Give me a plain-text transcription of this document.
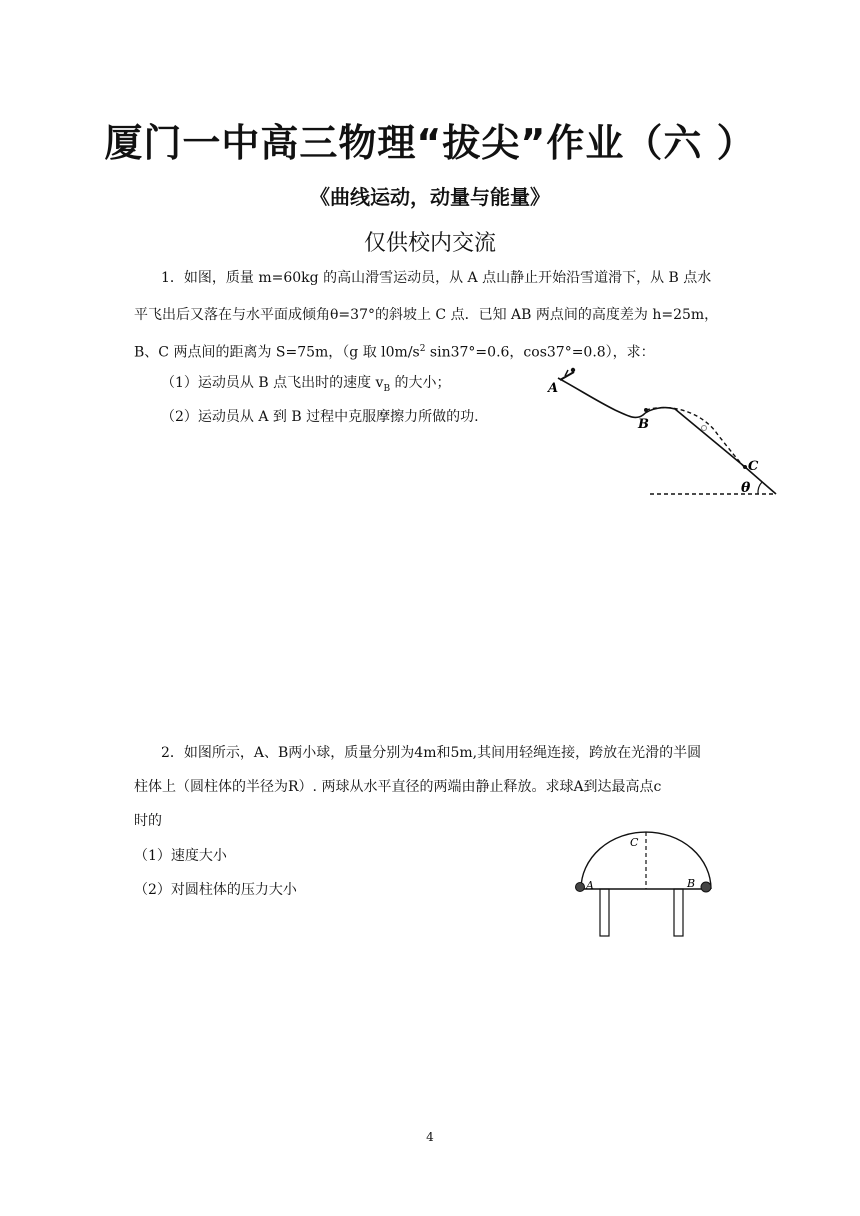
厦门一中高三物理“拔尖”作业（六 ）
《曲线运动，动量与能量》
仅供校内交流
1．如图，质量 m=60kg 的高山滑雪运动员，从 A 点山静止开始沿雪道滑下，从 B 点水
平飞出后又落在与水平面成倾角θ=37°的斜坡上 C 点．已知 AB 两点间的高度差为 h=25m，
B、C 两点间的距离为 S=75m，（g 取 $l0m/s^2$ sin37°=0.6，cos37°=0.8），求：
（1）运动员从 B 点飞出时的速度 $v_B$ 的大小；
（2）运动员从 A 到 B 过程中克服摩擦力所做的功.
A
B
C
θ
2．如图所示，A、B两小球，质量分别为4m和5m,其间用轻绳连接，跨放在光滑的半圆
柱体上（圆柱体的半径为R）. 两球从水平直径的两端由静止释放。求球A到达最高点c
时的
（1）速度大小
（2）对圆柱体的压力大小	A	B
C
4
